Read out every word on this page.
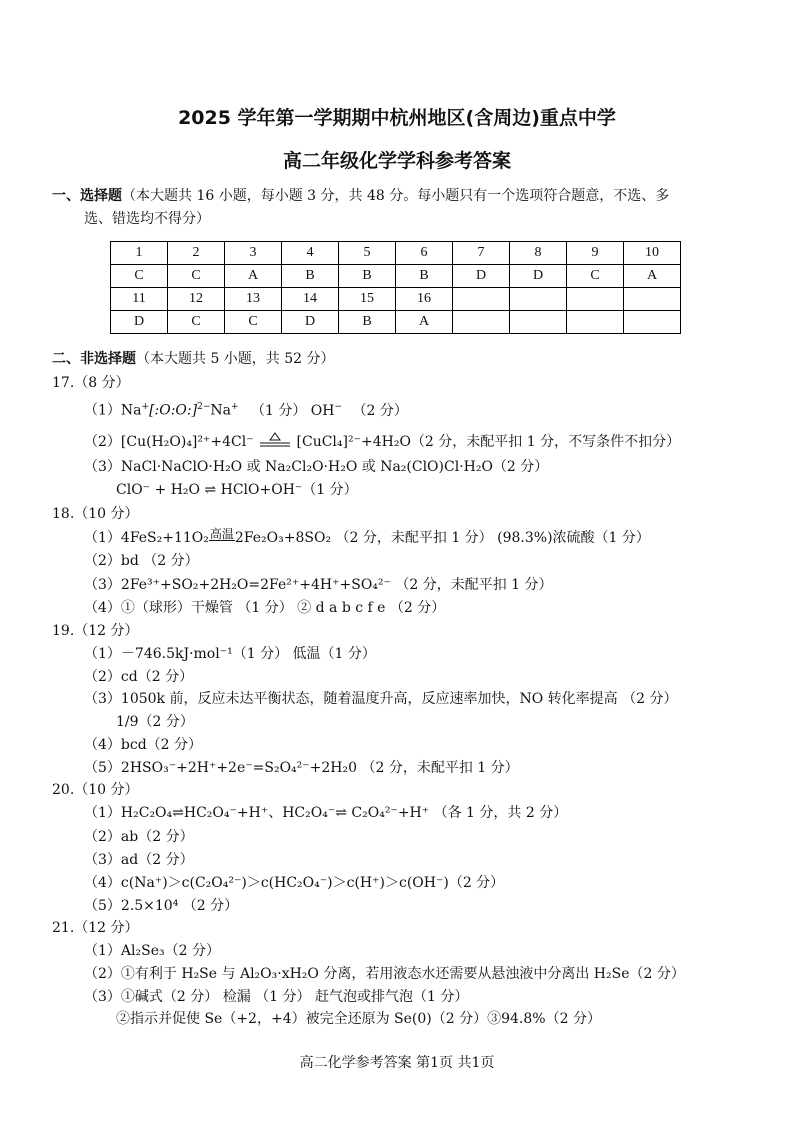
2025 学年第一学期期中杭州地区(含周边)重点中学
高二年级化学学科参考答案
一、选择题（本大题共 16 小题，每小题 3 分，共 48 分。每小题只有一个选项符合题意，不选、多
选、错选均不得分）
1	2	3	4	5	6	7	8	9	10
C	C	A	B	B	B	D	D	C	A
11	12	13	14	15	16				
D	C	C	D	B	A				
二、非选择题（本大题共 5 小题，共 52 分）
17.（8 分）
（1）Na+[:O:O:]$^{2-}$Na+ （1 分） OH− （2 分）
（2）[Cu(H₂O)₄]²⁺+4Cl⁻	[CuCl₄]²⁻+4H₂O（2 分，未配平扣 1 分，不写条件不扣分）
（3）NaCl·NaClO·H₂O 或 Na₂Cl₂O·H₂O 或 Na₂(ClO)Cl·H₂O（2 分）
ClO⁻ + H₂O ⇌ HClO+OH⁻（1 分）
18.（10 分）
（1）4FeS₂+11O₂高温2Fe₂O₃+8SO₂ （2 分，未配平扣 1 分） (98.3%)浓硫酸（1 分）
（2）bd （2 分）
（3）2Fe³⁺+SO₂+2H₂O=2Fe²⁺+4H⁺+SO₄²⁻ （2 分，未配平扣 1 分）
（4）①（球形）干燥管 （1 分） ② d a b c f e （2 分）
19.（12 分）
（1）－746.5kJ·mol⁻¹（1 分） 低温（1 分）
（2）cd（2 分）
（3）1050k 前，反应未达平衡状态，随着温度升高，反应速率加快，NO 转化率提高 （2 分）
1/9（2 分）
（4）bcd（2 分）
（5）2HSO₃⁻+2H⁺+2e⁻=S₂O₄²⁻+2H₂0 （2 分，未配平扣 1 分）
20.（10 分）
（1）H₂C₂O₄⇌HC₂O₄⁻+H⁺、HC₂O₄⁻⇌ C₂O₄²⁻+H⁺ （各 1 分，共 2 分）
（2）ab（2 分）
（3）ad（2 分）
（4）c(Na⁺)＞c(C₂O₄²⁻)＞c(HC₂O₄⁻)＞c(H⁺)＞c(OH⁻)（2 分）
（5）2.5×10⁴ （2 分）
21.（12 分）
（1）Al₂Se₃（2 分）
（2）①有利于 H₂Se 与 Al₂O₃·xH₂O 分离，若用液态水还需要从悬浊液中分离出 H₂Se（2 分）
（3）①碱式（2 分） 检漏 （1 分） 赶气泡或排气泡（1 分）
②指示并促使 Se（+2，+4）被完全还原为 Se(0)（2 分）③94.8%（2 分）
高二化学参考答案 第1页 共1页
